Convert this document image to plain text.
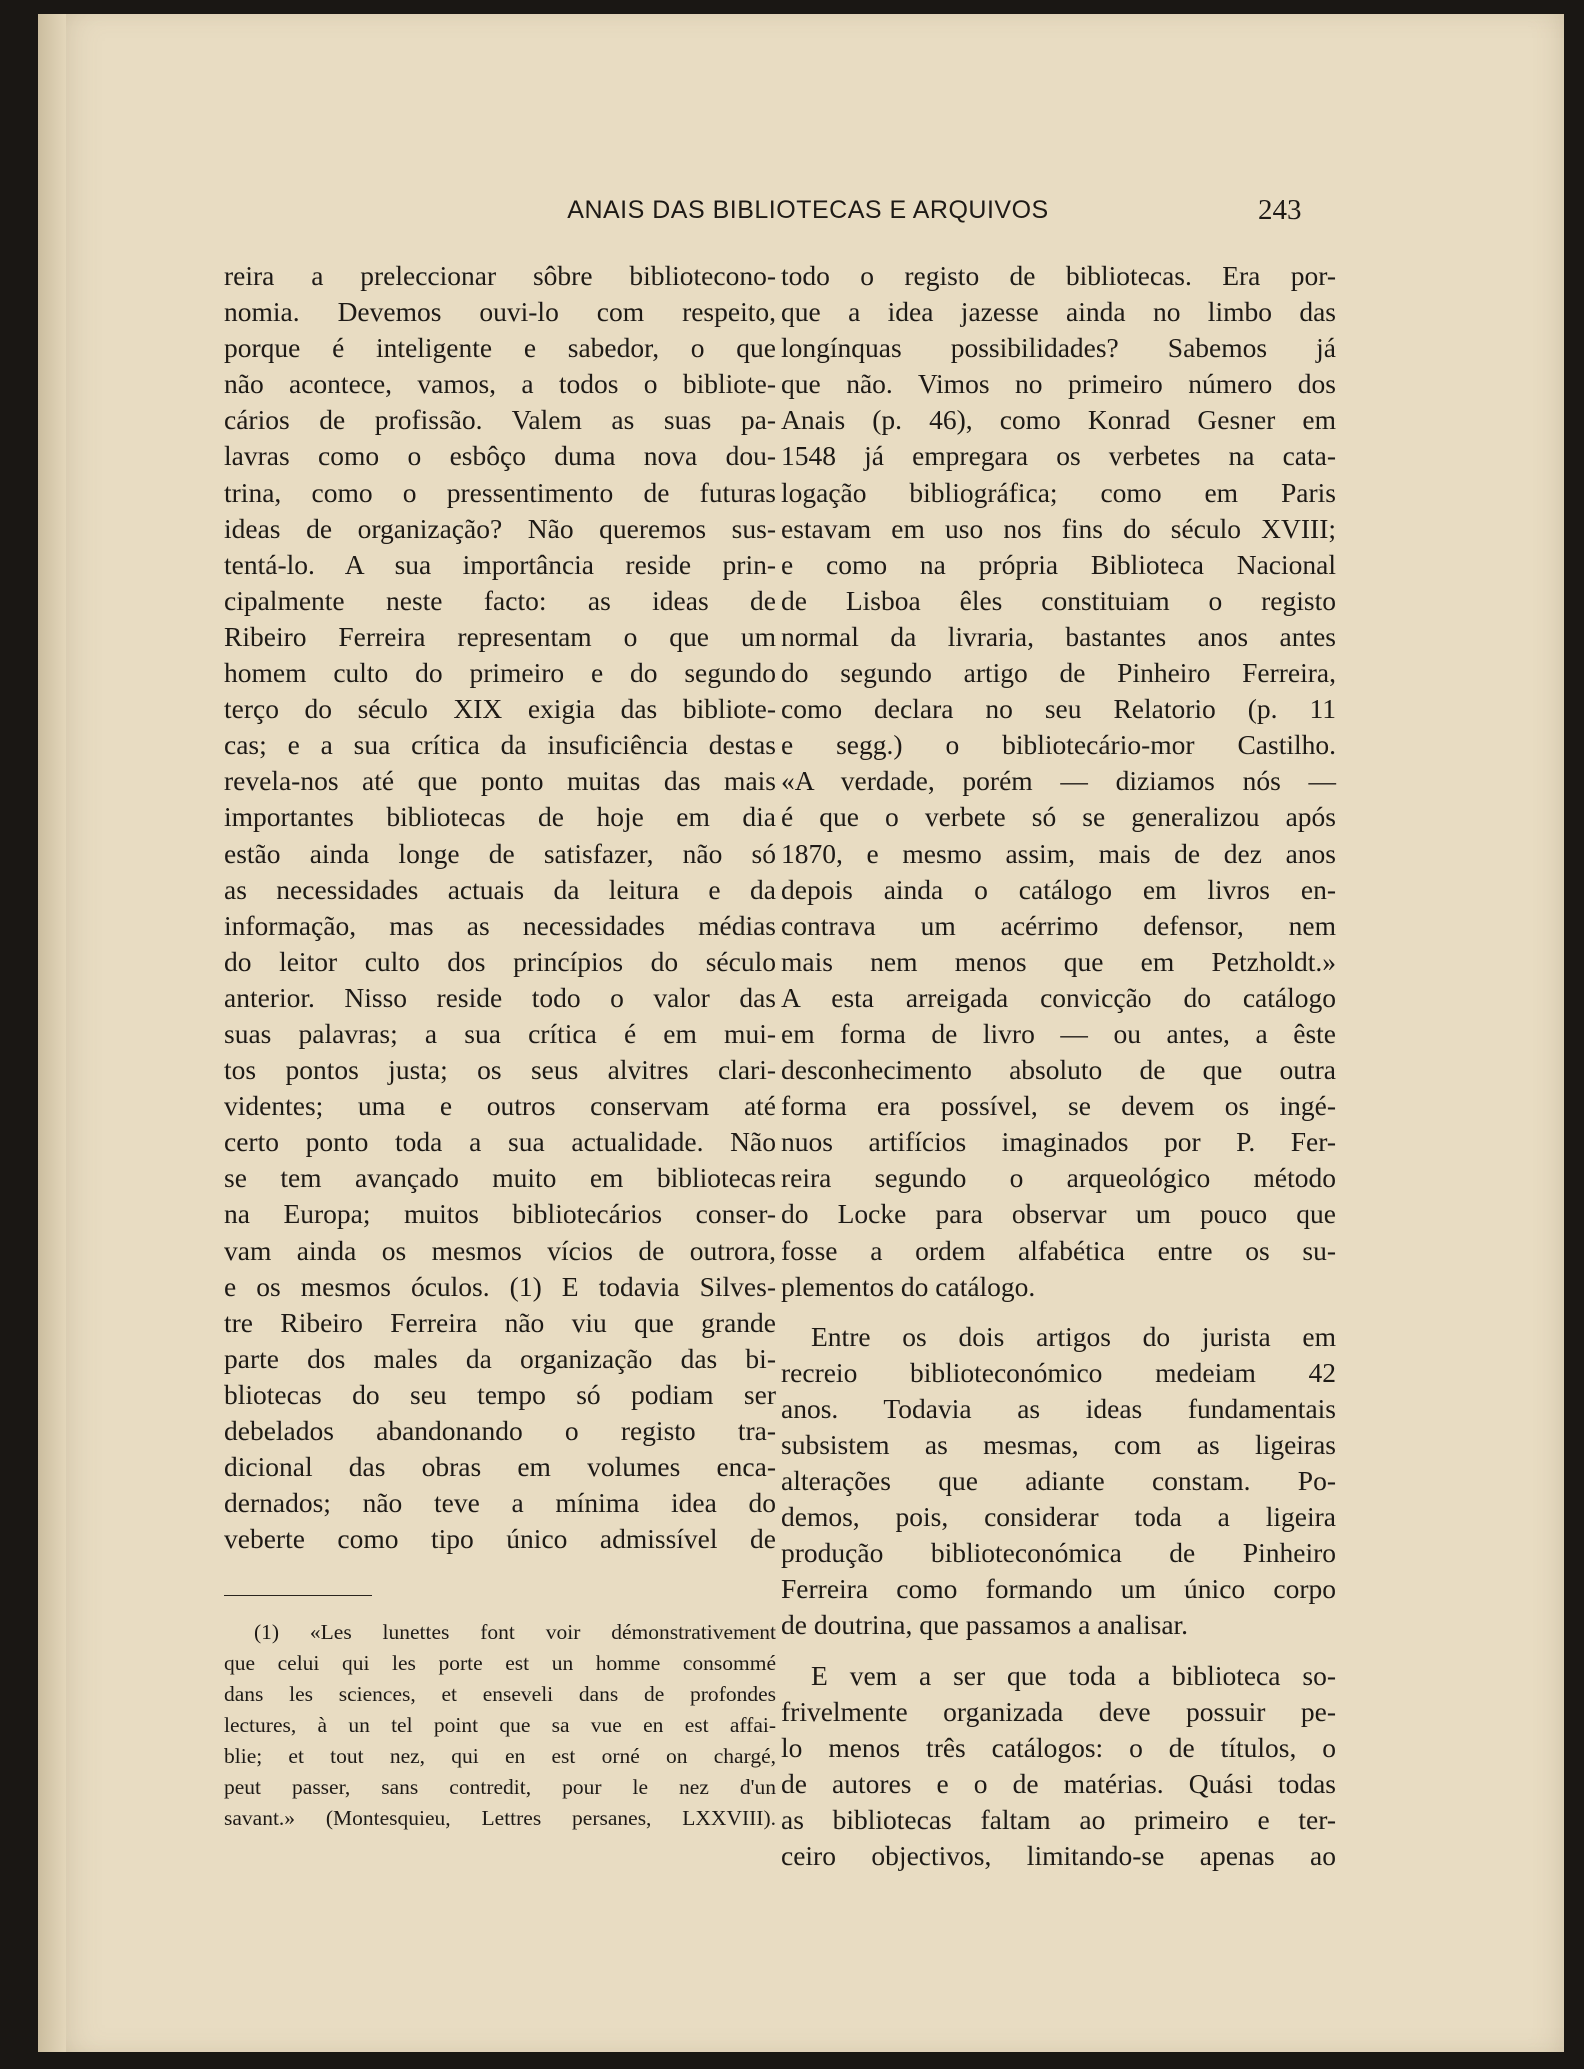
ANAIS DAS BIBLIOTECAS E ARQUIVOS	243
reira a preleccionar sôbre bibliotecono-
nomia. Devemos ouvi-lo com respeito,
porque é inteligente e sabedor, o que
não acontece, vamos, a todos o bibliote-
cários de profissão. Valem as suas pa-
lavras como o esbôço duma nova dou-
trina, como o pressentimento de futuras
ideas de organização? Não queremos sus-
tentá-lo. A sua importância reside prin-
cipalmente neste facto: as ideas de
Ribeiro Ferreira representam o que um
homem culto do primeiro e do segundo
terço do século XIX exigia das bibliote-
cas; e a sua crítica da insuficiência destas
revela-nos até que ponto muitas das mais
importantes bibliotecas de hoje em dia
estão ainda longe de satisfazer, não só
as necessidades actuais da leitura e da
informação, mas as necessidades médias
do leitor culto dos princípios do século
anterior. Nisso reside todo o valor das
suas palavras; a sua crítica é em mui-
tos pontos justa; os seus alvitres clari-
videntes; uma e outros conservam até
certo ponto toda a sua actualidade. Não
se tem avançado muito em bibliotecas
na Europa; muitos bibliotecários conser-
vam ainda os mesmos vícios de outrora,
e os mesmos óculos. (1) E todavia Silves-
tre Ribeiro Ferreira não viu que grande
parte dos males da organização das bi-
bliotecas do seu tempo só podiam ser
debelados abandonando o registo tra-
dicional das obras em volumes enca-
dernados; não teve a mínima idea do
veberte como tipo único admissível de
todo o registo de bibliotecas. Era por-
que a idea jazesse ainda no limbo das
longínquas possibilidades? Sabemos já
que não. Vimos no primeiro número dos
Anais (p. 46), como Konrad Gesner em
1548 já empregara os verbetes na cata-
logação bibliográfica; como em Paris
estavam em uso nos fins do século XVIII;
e como na própria Biblioteca Nacional
de Lisboa êles constituiam o registo
normal da livraria, bastantes anos antes
do segundo artigo de Pinheiro Ferreira,
como declara no seu Relatorio (p. 11
e segg.) o bibliotecário-mor Castilho.
«A verdade, porém — diziamos nós —
é que o verbete só se generalizou após
1870, e mesmo assim, mais de dez anos
depois ainda o catálogo em livros en-
contrava um acérrimo defensor, nem
mais nem menos que em Petzholdt.»
A esta arreigada convicção do catálogo
em forma de livro — ou antes, a êste
desconhecimento absoluto de que outra
forma era possível, se devem os ingé-
nuos artifícios imaginados por P. Fer-
reira segundo o arqueológico método
do Locke para observar um pouco que
fosse a ordem alfabética entre os su-
plementos do catálogo.
Entre os dois artigos do jurista em
recreio biblioteconómico medeiam 42
anos. Todavia as ideas fundamentais
subsistem as mesmas, com as ligeiras
alterações que adiante constam. Po-
demos, pois, considerar toda a ligeira
produção biblioteconómica de Pinheiro
Ferreira como formando um único corpo
de doutrina, que passamos a analisar.
E vem a ser que toda a biblioteca so-
frivelmente organizada deve possuir pe-
lo menos três catálogos: o de títulos, o
de autores e o de matérias. Quási todas
as bibliotecas faltam ao primeiro e ter-
ceiro objectivos, limitando-se apenas ao
(1) «Les lunettes font voir démonstrativement
que celui qui les porte est un homme consommé
dans les sciences, et enseveli dans de profondes
lectures, à un tel point que sa vue en est affai-
blie; et tout nez, qui en est orné on chargé,
peut passer, sans contredit, pour le nez d'un
savant.» (Montesquieu, Lettres persanes, LXXVIII).
